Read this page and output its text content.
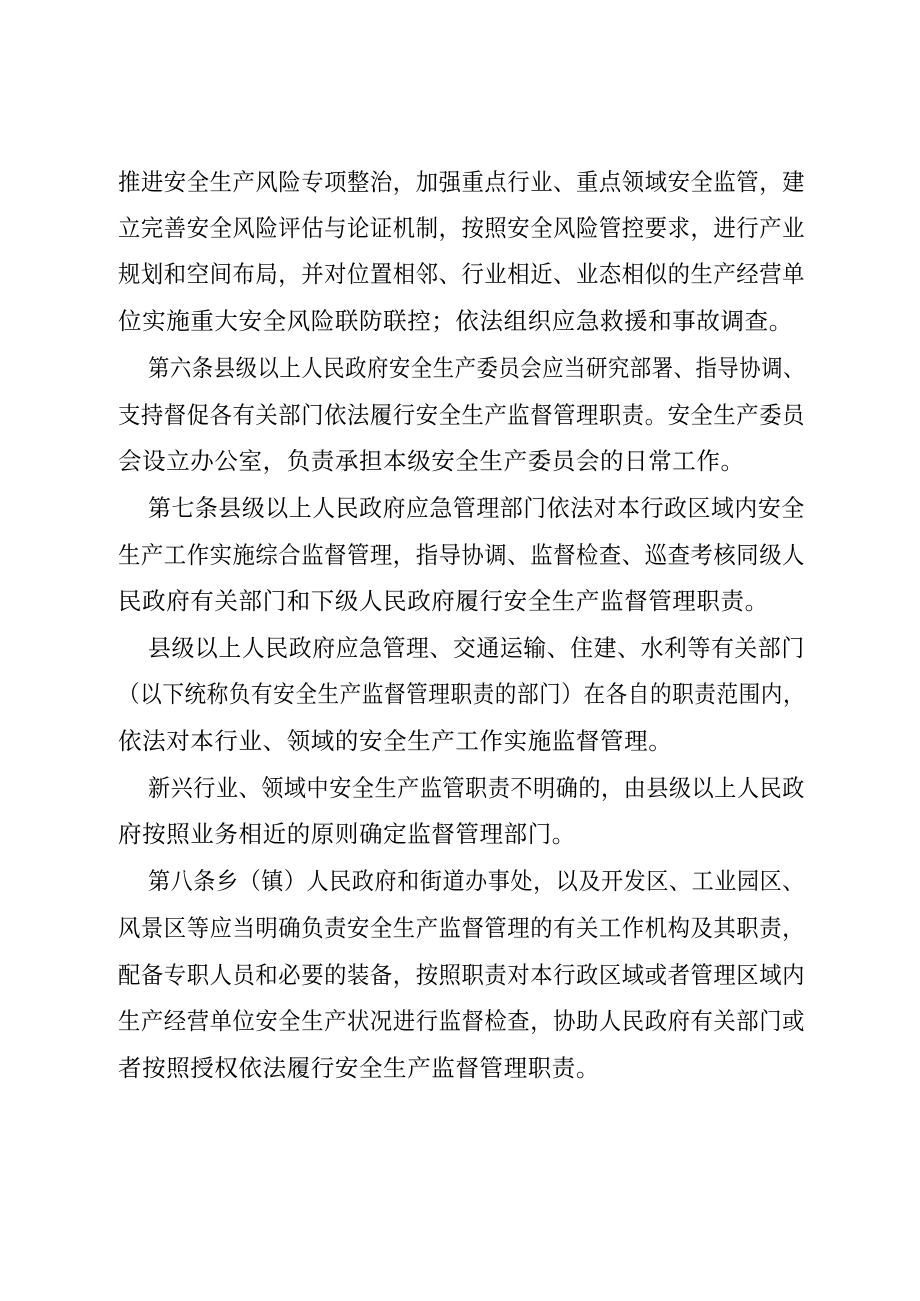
推进安全生产风险专项整治，加强重点行业、重点领域安全监管，建
立完善安全风险评估与论证机制，按照安全风险管控要求，进行产业
规划和空间布局，并对位置相邻、行业相近、业态相似的生产经营单
位实施重大安全风险联防联控；依法组织应急救援和事故调查。
第六条县级以上人民政府安全生产委员会应当研究部署、指导协调、
支持督促各有关部门依法履行安全生产监督管理职责。安全生产委员
会设立办公室，负责承担本级安全生产委员会的日常工作。
第七条县级以上人民政府应急管理部门依法对本行政区域内安全
生产工作实施综合监督管理，指导协调、监督检查、巡查考核同级人
民政府有关部门和下级人民政府履行安全生产监督管理职责。
县级以上人民政府应急管理、交通运输、住建、水利等有关部门
（以下统称负有安全生产监督管理职责的部门）在各自的职责范围内，
依法对本行业、领域的安全生产工作实施监督管理。
新兴行业、领域中安全生产监管职责不明确的，由县级以上人民政
府按照业务相近的原则确定监督管理部门。
第八条乡（镇）人民政府和街道办事处，以及开发区、工业园区、
风景区等应当明确负责安全生产监督管理的有关工作机构及其职责，
配备专职人员和必要的装备，按照职责对本行政区域或者管理区域内
生产经营单位安全生产状况进行监督检查，协助人民政府有关部门或
者按照授权依法履行安全生产监督管理职责。
